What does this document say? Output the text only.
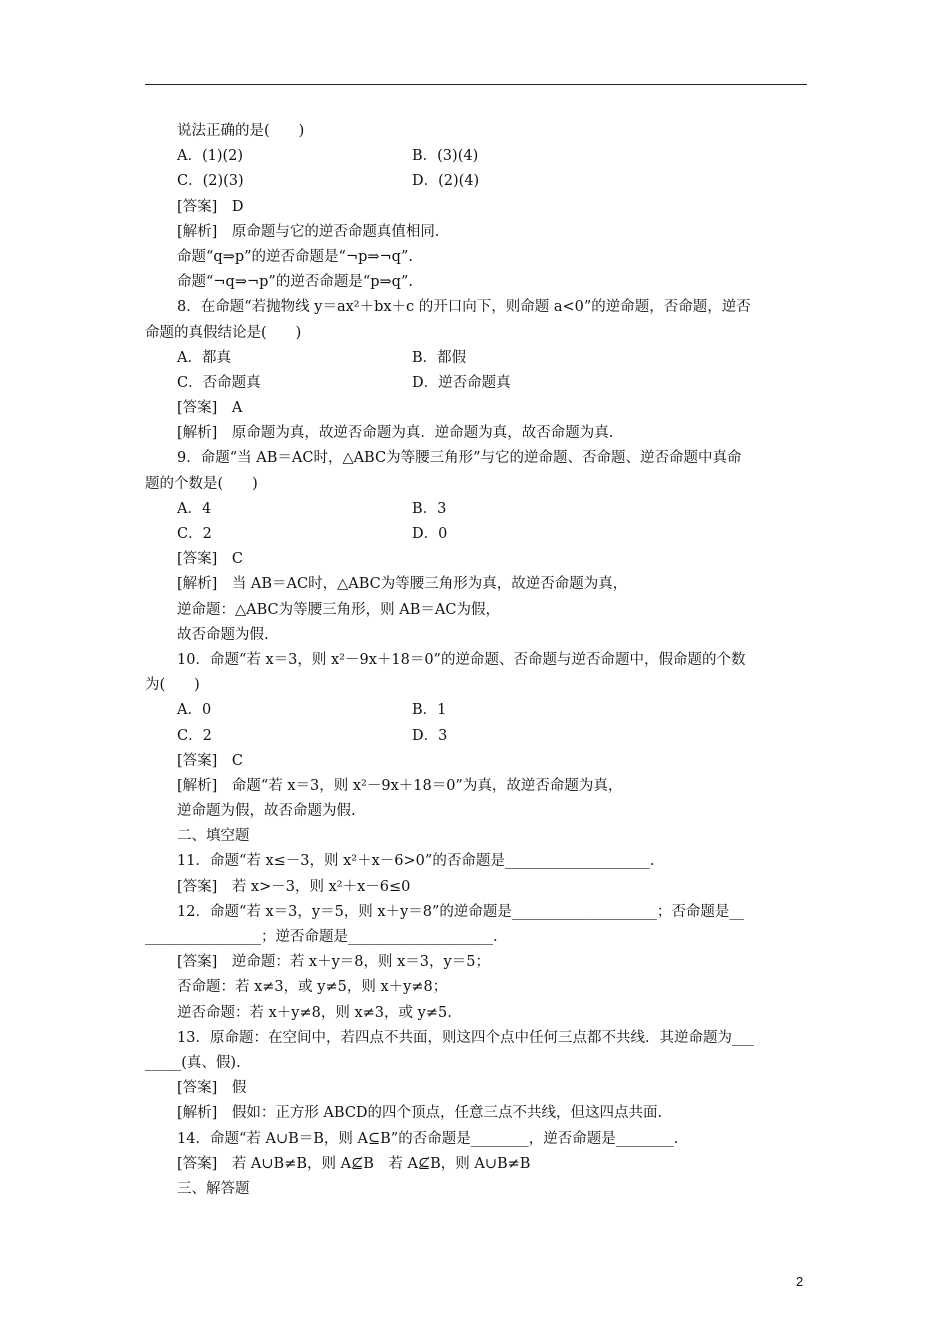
说法正确的是(　　)
A．(1)(2)	B．(3)(4)
C．(2)(3)	D．(2)(4)
[答案]　D
[解析]　原命题与它的逆否命题真值相同.
命题“q⇒p”的逆否命题是“¬p⇒¬q”.
命题“¬q⇒¬p”的逆否命题是“p⇒q”.
8．在命题“若抛物线 y＝ax²＋bx＋c 的开口向下，则命题 a<0”的逆命题，否命题，逆否
命题的真假结论是(　　)
A．都真	B．都假
C．否命题真	D．逆否命题真
[答案]　A
[解析]　原命题为真，故逆否命题为真．逆命题为真，故否命题为真.
9．命题“当 AB＝AC时，△ABC为等腰三角形”与它的逆命题、否命题、逆否命题中真命
题的个数是(　　)
A．4	B．3
C．2	D．0
[答案]　C
[解析]　当 AB＝AC时，△ABC为等腰三角形为真，故逆否命题为真，
逆命题：△ABC为等腰三角形，则 AB＝AC为假，
故否命题为假.
10．命题“若 x＝3，则 x²－9x＋18＝0”的逆命题、否命题与逆否命题中，假命题的个数
为(　　)
A．0	B．1
C．2	D．3
[答案]　C
[解析]　命题“若 x＝3，则 x²－9x＋18＝0”为真，故逆否命题为真，
逆命题为假，故否命题为假.
二、填空题
11．命题“若 x≤－3，则 x²＋x－6>0”的否命题是____________________.
[答案]　若 x>－3，则 x²＋x－6≤0
12．命题“若 x＝3，y＝5，则 x＋y＝8”的逆命题是____________________；否命题是__
________________；逆否命题是____________________.
[答案]　逆命题：若 x＋y＝8，则 x＝3，y＝5；
否命题：若 x≠3，或 y≠5，则 x＋y≠8；
逆否命题：若 x＋y≠8，则 x≠3，或 y≠5.
13．原命题：在空间中，若四点不共面，则这四个点中任何三点都不共线．其逆命题为___
_____(真、假).
[答案]　假
[解析]　假如：正方形 ABCD的四个顶点，任意三点不共线，但这四点共面.
14．命题“若 A∪B＝B，则 A⊆B”的否命题是________，逆否命题是________.
[答案]　若 A∪B≠B，则 A⊈B　若 A⊈B，则 A∪B≠B
三、解答题
2
